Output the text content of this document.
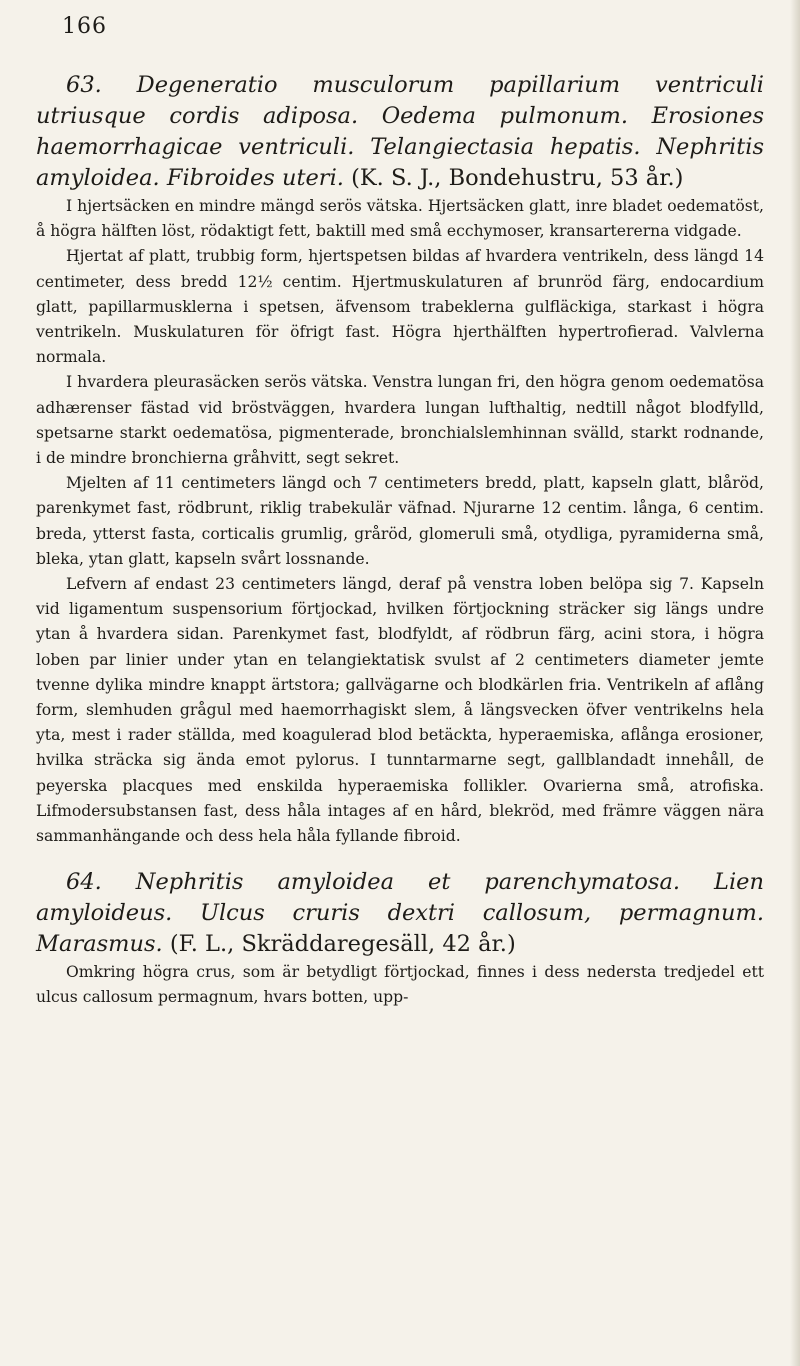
166

63. Degeneratio musculorum papillarium ventriculi utriusque cordis adiposa. Oedema pulmonum. Erosiones haemorrhagicae ventriculi. Telangiectasia hepatis. Nephritis amyloidea. Fibroides uteri. (K. S. J., Bondehustru, 53 år.)

I hjertsäcken en mindre mängd serös vätska. Hjertsäcken glatt, inre bladet oedematöst, å högra hälften löst, rödaktigt fett, baktill med små ecchymoser, kransartererna vidgade.

Hjertat af platt, trubbig form, hjertspetsen bildas af hvardera ventrikeln, dess längd 14 centimeter, dess bredd 12½ centim. Hjertmuskulaturen af brunröd färg, endocardium glatt, papillarmusklerna i spetsen, äfvensom trabeklerna gulfläckiga, starkast i högra ventrikeln. Muskulaturen för öfrigt fast. Högra hjerthälften hypertrofierad. Valvlerna normala.

I hvardera pleurasäcken serös vätska. Venstra lungan fri, den högra genom oedematösa adhærenser fästad vid bröstväggen, hvardera lungan lufthaltig, nedtill något blodfylld, spetsarne starkt oedematösa, pigmenterade, bronchialslemhinnan svälld, starkt rodnande, i de mindre bronchierna gråhvitt, segt sekret.

Mjelten af 11 centimeters längd och 7 centimeters bredd, platt, kapseln glatt, blåröd, parenkymet fast, rödbrunt, riklig trabekulär väfnad. Njurarne 12 centim. långa, 6 centim. breda, ytterst fasta, corticalis grumlig, gråröd, glomeruli små, otydliga, pyramiderna små, bleka, ytan glatt, kapseln svårt lossnande.

Lefvern af endast 23 centimeters längd, deraf på venstra loben belöpa sig 7. Kapseln vid ligamentum suspensorium förtjockad, hvilken förtjockning sträcker sig längs undre ytan å hvardera sidan. Parenkymet fast, blodfyldt, af rödbrun färg, acini stora, i högra loben par linier under ytan en telangiektatisk svulst af 2 centimeters diameter jemte tvenne dylika mindre knappt ärtstora; gallvägarne och blodkärlen fria. Ventrikeln af aflång form, slemhuden grågul med haemorrhagiskt slem, å längsvecken öfver ventrikelns hela yta, mest i rader ställda, med koagulerad blod betäckta, hyperaemiska, aflånga erosioner, hvilka sträcka sig ända emot pylorus. I tunntarmarne segt, gallblandadt innehåll, de peyerska placques med enskilda hyperaemiska follikler. Ovarierna små, atrofiska. Lifmodersubstansen fast, dess håla intages af en hård, blekröd, med främre väggen nära sammanhängande och dess hela håla fyllande fibroid.

64. Nephritis amyloidea et parenchymatosa. Lien amyloideus. Ulcus cruris dextri callosum, permagnum. Marasmus. (F. L., Skräddaregesäll, 42 år.)

Omkring högra crus, som är betydligt förtjockad, finnes i dess nedersta tredjedel ett ulcus callosum permagnum, hvars botten, upp-
